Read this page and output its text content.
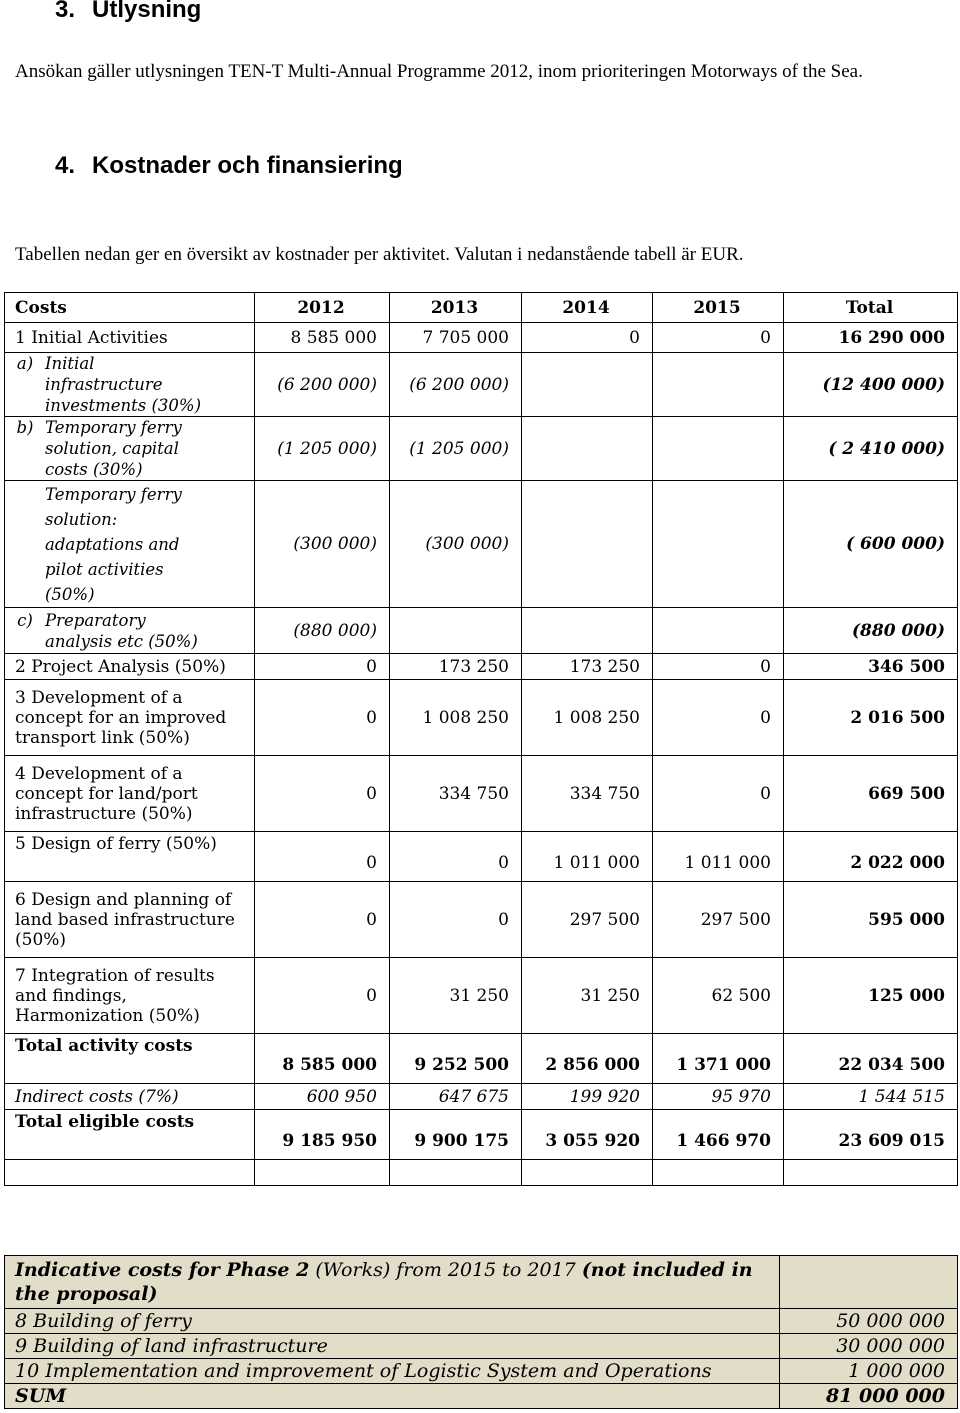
3. Utlysning

Ansökan gäller utlysningen TEN-T Multi-Annual Programme 2012, inom prioriteringen Motorways of the Sea.

4. Kostnader och finansiering

Tabellen nedan ger en översikt av kostnader per aktivitet. Valutan i nedanstående tabell är EUR.

Costs	2012	2013	2014	2015	Total
1 Initial Activities	8 585 000	7 705 000	0	0	16 290 000

a) Initial infrastructure investments (30%)	(6 200 000)	(6 200 000)			(12 400 000)

b) Temporary ferry solution, capital costs (30%)	(1 205 000)	(1 205 000)			( 2 410 000)

Temporary ferry solution: adaptations and pilot activities (50%)	(300 000)	(300 000)			( 600 000)

c) Preparatory analysis etc (50%)	(880 000)				(880 000)
2 Project Analysis (50%)	0	173 250	173 250	0	346 500
3 Development of a concept for an improved transport link (50%)	0	1 008 250	1 008 250	0	2 016 500
4 Development of a concept for land/port infrastructure (50%)	0	334 750	334 750	0	669 500
5 Design of ferry (50%)	0	0	1 011 000	1 011 000	2 022 000
6 Design and planning of land based infrastructure (50%)	0	0	297 500	297 500	595 000
7 Integration of results and findings, Harmonization (50%)	0	31 250	31 250	62 500	125 000
Total activity costs	8 585 000	9 252 500	2 856 000	1 371 000	22 034 500
Indirect costs (7%)	600 950	647 675	199 920	95 970	1 544 515
Total eligible costs	9 185 950	9 900 175	3 055 920	1 466 970	23 609 015

Indicative costs for Phase 2 (Works) from 2015 to 2017 (not included in the proposal)	
8 Building of ferry	50 000 000
9 Building of land infrastructure	30 000 000
10 Implementation and improvement of Logistic System and Operations	1 000 000
SUM	81 000 000
